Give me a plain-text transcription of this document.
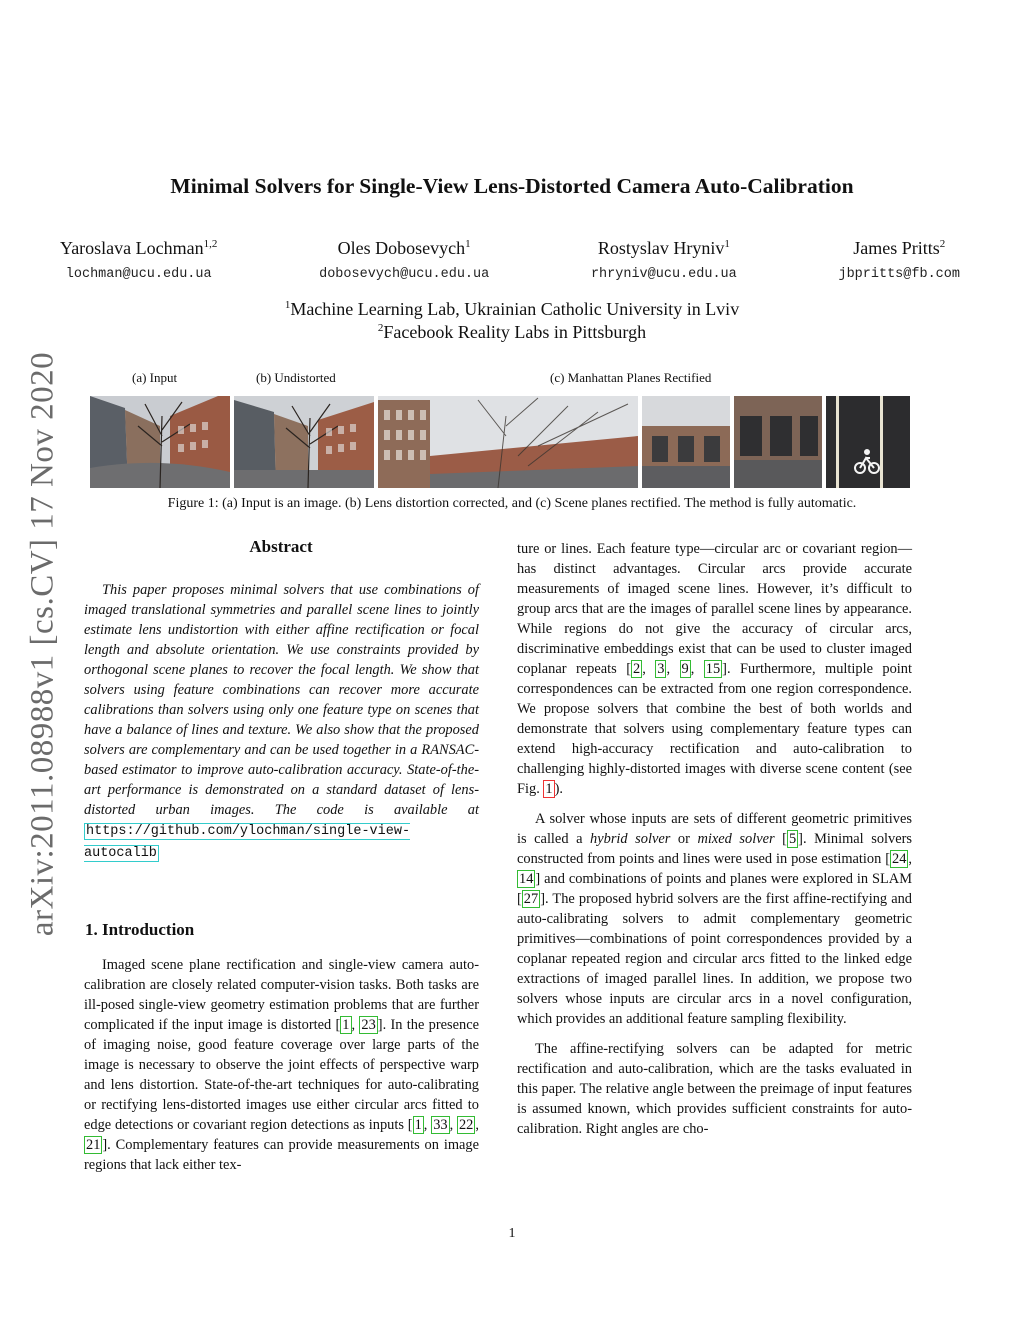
arXiv:2011.08988v1 [cs.CV] 17 Nov 2020
Minimal Solvers for Single-View Lens-Distorted Camera Auto-Calibration
Yaroslava Lochman$^{1,2}$
lochman@ucu.edu.ua
Oles Dobosevych$^1$
dobosevych@ucu.edu.ua
Rostyslav Hryniv$^1$
rhryniv@ucu.edu.ua
James Pritts$^2$
jbpritts@fb.com
$^1$Machine Learning Lab, Ukrainian Catholic University in Lviv
$^2$Facebook Reality Labs in Pittsburgh
(a) Input	(b) Undistorted	(c) Manhattan Planes Rectified
Figure 1: (a) Input is an image. (b) Lens distortion corrected, and (c) Scene planes rectified. The method is fully automatic.
Abstract

This paper proposes minimal solvers that use combinations of imaged translational symmetries and parallel scene lines to jointly estimate lens undistortion with either affine rectification or focal length and absolute orientation. We use constraints provided by orthogonal scene planes to recover the focal length. We show that solvers using feature combinations can recover more accurate calibrations than solvers using only one feature type on scenes that have a balance of lines and texture. We also show that the proposed solvers are complementary and can be used together in a RANSAC-based estimator to improve auto-calibration accuracy. State-of-the-art performance is demonstrated on a standard dataset of lens-distorted urban images. The code is available at https://github.com/ylochman/single-view-autocalib

1. Introduction

Imaged scene plane rectification and single-view camera auto-calibration are closely related computer-vision tasks. Both tasks are ill-posed single-view geometry estimation problems that are further complicated if the input image is distorted [ 1 , 23 ]. In the presence of imaging noise, good feature coverage over large parts of the image is necessary to observe the joint effects of perspective warp and lens distortion. State-of-the-art techniques for auto-calibrating or rectifying lens-distorted images use either circular arcs fitted to edge detections or covariant region detections as inputs [ 1 , 33 , 22 , 21 ]. Complementary features can provide measurements on image regions that lack either tex-

ture or lines. Each feature type—circular arc or covariant region—has distinct advantages. Circular arcs provide accurate measurements of imaged scene lines. However, it’s difficult to group arcs that are the images of parallel scene lines by appearance. While regions do not give the accuracy of circular arcs, discriminative embeddings exist that can be used to cluster imaged coplanar repeats [ 2 , 3 , 9 , 15 ]. Furthermore, multiple point correspondences can be extracted from one region correspondence. We propose solvers that combine the best of both worlds and demonstrate that solvers using complementary feature types can extend high-accuracy rectification and auto-calibration to challenging highly-distorted images with diverse scene content (see Fig. 1 ).

A solver whose inputs are sets of different geometric primitives is called a hybrid solver or mixed solver [ 5 ]. Minimal solvers constructed from points and lines were used in pose estimation [ 24 , 14 ] and combinations of points and planes were explored in SLAM [ 27 ]. The proposed hybrid solvers are the first affine-rectifying and auto-calibrating solvers to admit complementary geometric primitives—combinations of point correspondences provided by a coplanar repeated region and circular arcs fitted to the linked edge extractions of imaged parallel lines. In addition, we propose two solvers whose inputs are circular arcs in a novel configuration, which provides an additional feature sampling flexibility.

The affine-rectifying solvers can be adapted for metric rectification and auto-calibration, which are the tasks evaluated in this paper. The relative angle between the preimage of input features is assumed known, which provides sufficient constraints for auto-calibration. Right angles are cho-

1
